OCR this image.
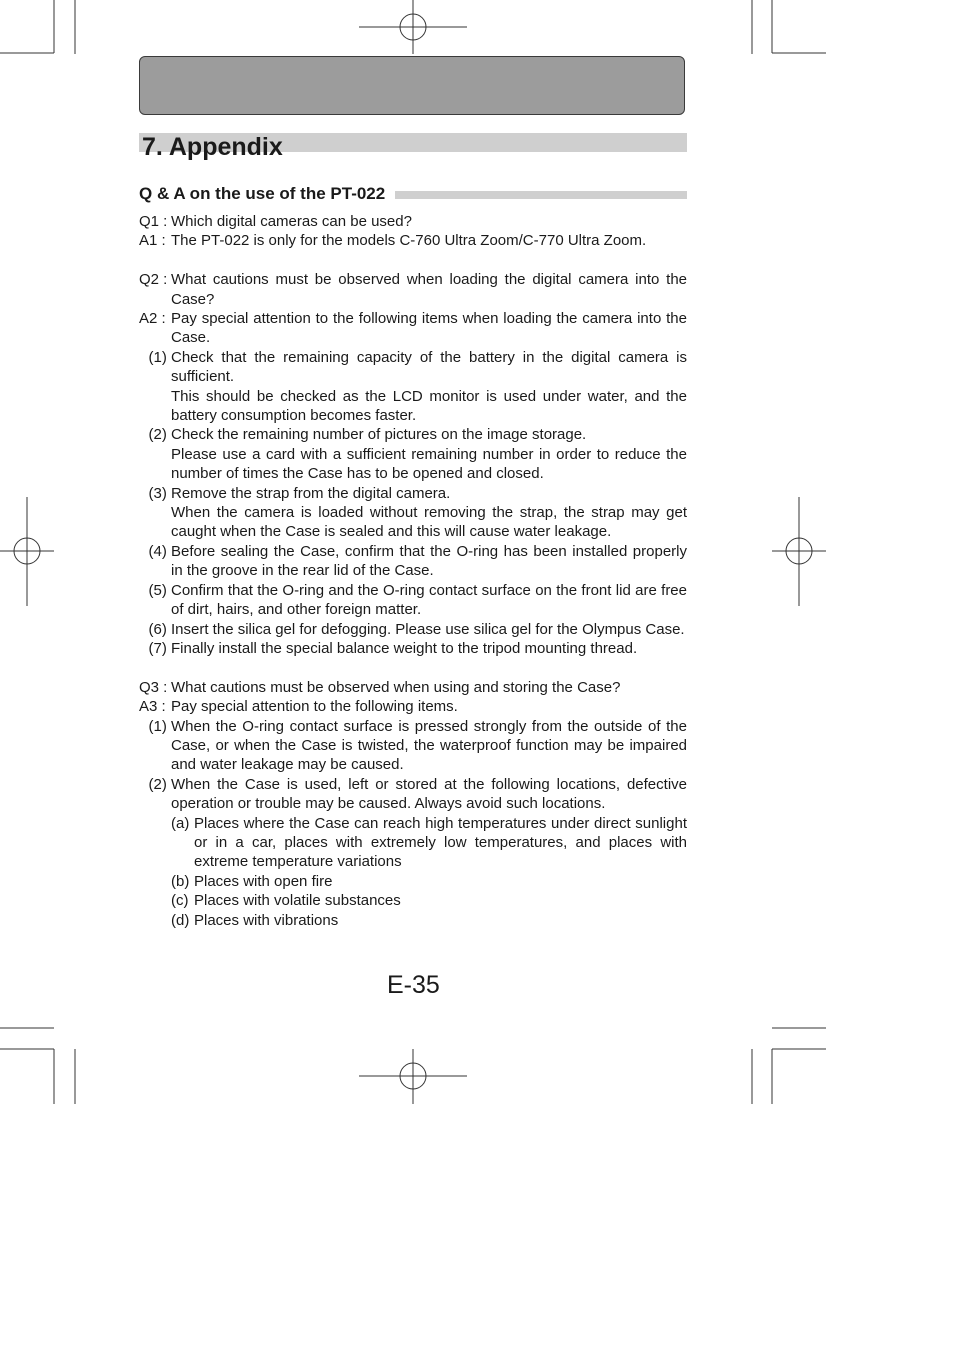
7. Appendix
Q & A on the use of the PT-022
Q1 : Which digital cameras can be used?
A1 : The PT-022 is only for the models C-760 Ultra Zoom/C-770 Ultra Zoom.
Q2 : What cautions must be observed when loading the digital camera into the Case?
A2 : Pay special attention to the following items when loading the camera into the Case.
(1) Check that the remaining capacity of the battery in the digital camera is sufficient.

This should be checked as the LCD monitor is used under water, and the battery consumption becomes faster.

(2) Check the remaining number of pictures on the image storage.

Please use a card with a sufficient remaining number in order to reduce the number of times the Case has to be opened and closed.

(3) Remove the strap from the digital camera.

When the camera is loaded without removing the strap, the strap may get caught when the Case is sealed and this will cause water leakage.

(4) Before sealing the Case, confirm that the O-ring has been installed properly in the groove in the rear lid of the Case.

(5) Confirm that the O-ring and the O-ring contact surface on the front lid are free of dirt, hairs, and other foreign matter.

(6) Insert the silica gel for defogging. Please use silica gel for the Olympus Case.

(7) Finally install the special balance weight to the tripod mounting thread.

Q3 : What cautions must be observed when using and storing the Case?
A3 : Pay special attention to the following items.
(1) When the O-ring contact surface is pressed strongly from the outside of the Case, or when the Case is twisted, the waterproof function may be impaired and water leakage may be caused.
(2) When the Case is used, left or stored at the following locations, defective operation or trouble may be caused. Always avoid such locations.

(a) Places where the Case can reach high temperatures under direct sunlight or in a car, places with extremely low temperatures, and places with extreme temperature variations
(b) Places with open fire
(c) Places with volatile substances
(d) Places with vibrations

E-35
